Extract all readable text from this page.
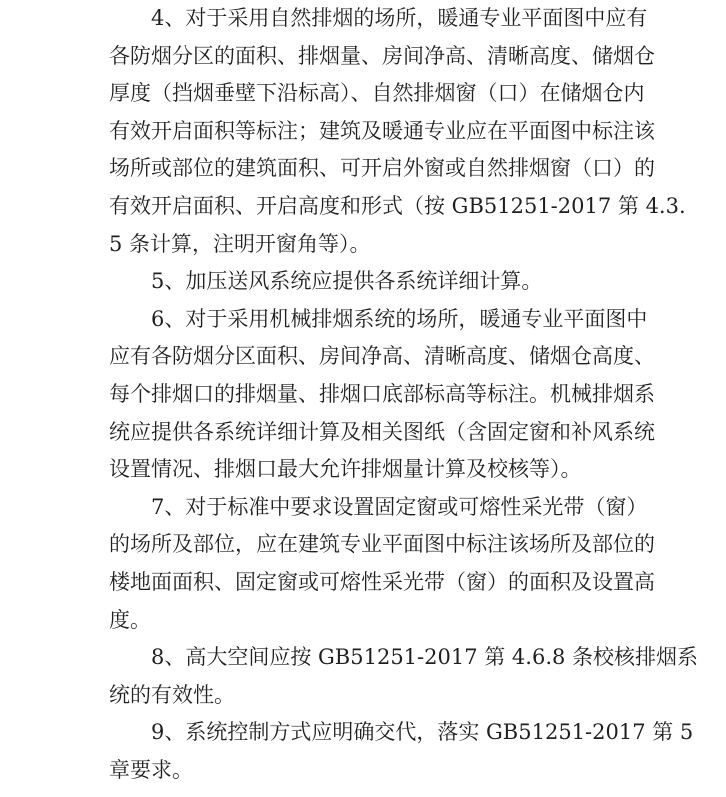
4、对于采用自然排烟的场所，暖通专业平面图中应有
各防烟分区的面积、排烟量、房间净高、清晰高度、储烟仓
厚度（挡烟垂壁下沿标高）、自然排烟窗（口）在储烟仓内
有效开启面积等标注；建筑及暖通专业应在平面图中标注该
场所或部位的建筑面积、可开启外窗或自然排烟窗（口）的
有效开启面积、开启高度和形式（按 GB51251-2017 第 4.3.
5 条计算，注明开窗角等）。
5、加压送风系统应提供各系统详细计算。
6、对于采用机械排烟系统的场所，暖通专业平面图中
应有各防烟分区面积、房间净高、清晰高度、储烟仓高度、
每个排烟口的排烟量、排烟口底部标高等标注。机械排烟系
统应提供各系统详细计算及相关图纸（含固定窗和补风系统
设置情况、排烟口最大允许排烟量计算及校核等）。
7、对于标准中要求设置固定窗或可熔性采光带（窗）
的场所及部位，应在建筑专业平面图中标注该场所及部位的
楼地面面积、固定窗或可熔性采光带（窗）的面积及设置高
度。
8、高大空间应按 GB51251-2017 第 4.6.8 条校核排烟系
统的有效性。
9、系统控制方式应明确交代，落实 GB51251-2017 第 5
章要求。
